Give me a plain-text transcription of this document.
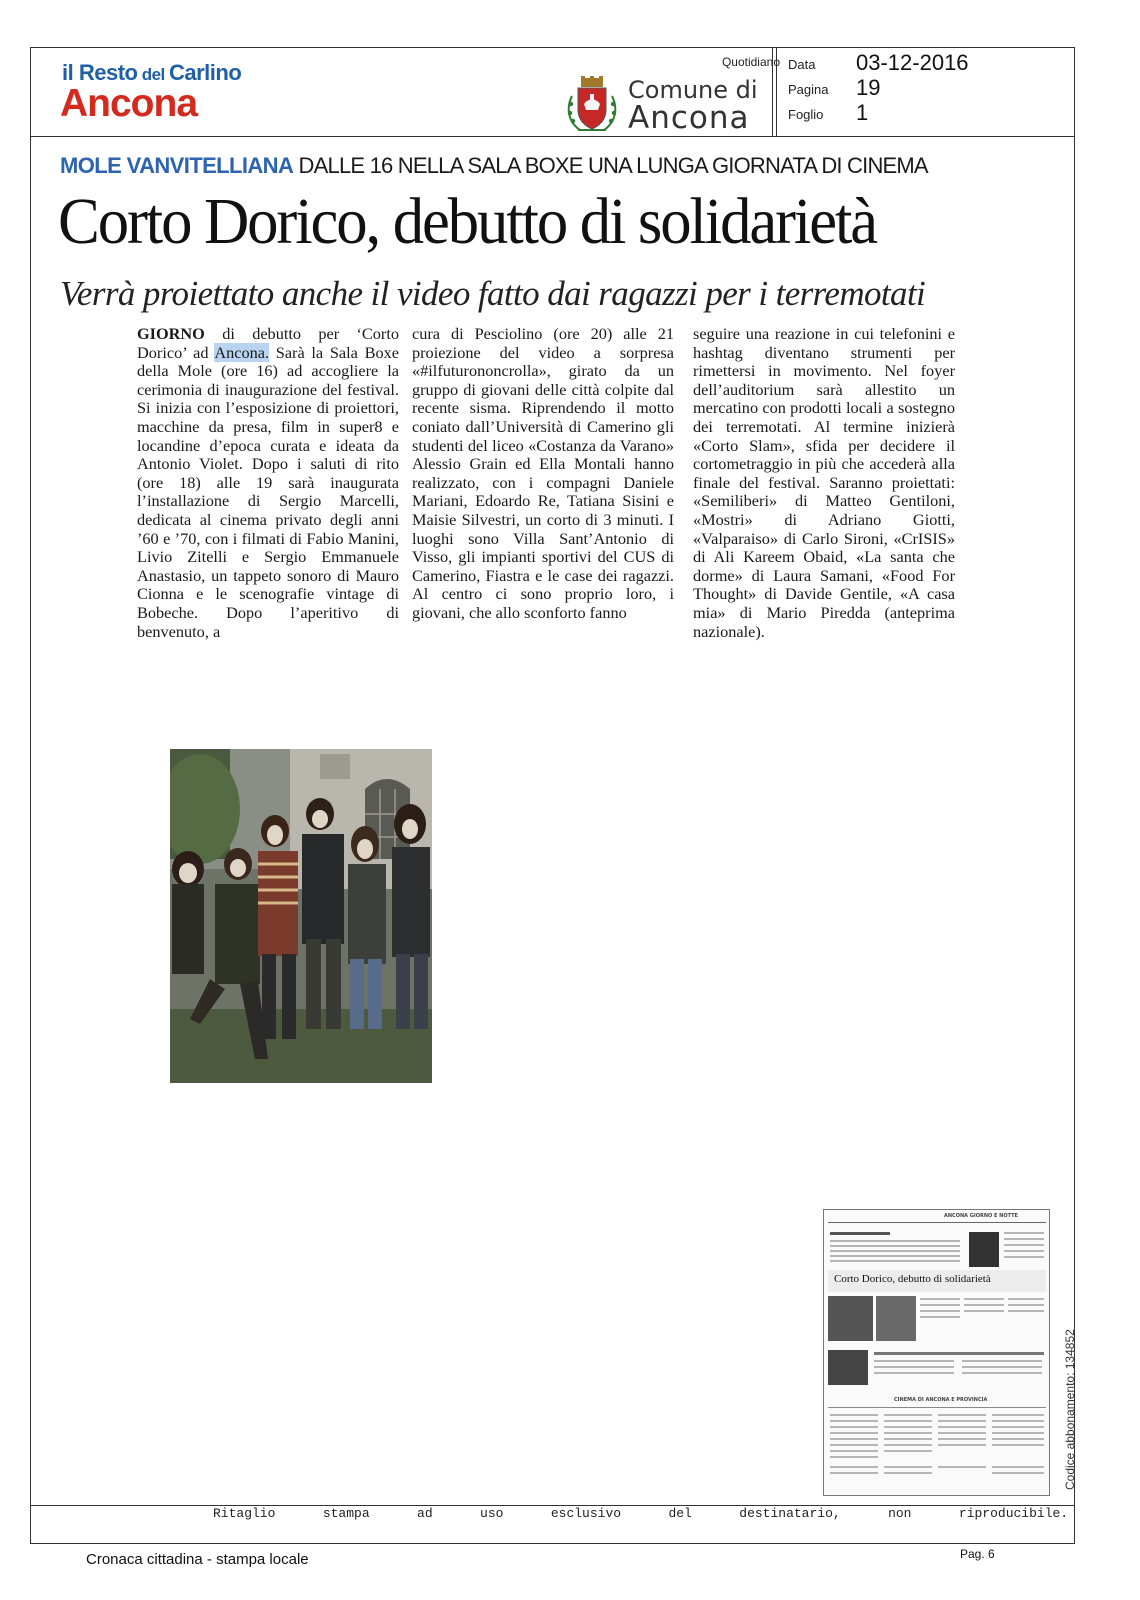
il Resto del Carlino
Ancona
Quotidiano
Comune di
Ancona
Data 03-12-2016
Pagina 19
Foglio 1
MOLE VANVITELLIANA DALLE 16 NELLA SALA BOXE UNA LUNGA GIORNATA DI CINEMA
Corto Dorico, debutto di solidarietà
Verrà proiettato anche il video fatto dai ragazzi per i terremotati
GIORNO di debutto per ‘Corto Dorico’ ad Ancona. Sarà la Sala Boxe della Mole (ore 16) ad accogliere la cerimonia di inaugurazione del festival. Si inizia con l’esposizione di proiettori, macchine da presa, film in super8 e locandine d’epoca curata e ideata da Antonio Violet. Dopo i saluti di rito (ore 18) alle 19 sarà inaugurata l’installazione di Sergio Marcelli, dedicata al cinema privato degli anni ’60 e ’70, con i filmati di Fabio Manini, Livio Zitelli e Sergio Emmanuele Anastasio, un tappeto sonoro di Mauro Cionna e le scenografie vintage di Bobeche. Dopo l’aperitivo di benvenuto, a
cura di Pesciolino (ore 20) alle 21 proiezione del video a sorpresa «#ilfuturononcrolla», girato da un gruppo di giovani delle città colpite dal recente sisma. Riprendendo il motto coniato dall’Università di Camerino gli studenti del liceo «Costanza da Varano» Alessio Grain ed Ella Montali hanno realizzato, con i compagni Daniele Mariani, Edoardo Re, Tatiana Sisini e Maisie Silvestri, un corto di 3 minuti. I luoghi sono Villa Sant’Antonio di Visso, gli impianti sportivi del CUS di Camerino, Fiastra e le case dei ragazzi. Al centro ci sono proprio loro, i giovani, che allo sconforto fanno
seguire una reazione in cui telefonini e hashtag diventano strumenti per rimettersi in movimento. Nel foyer dell’auditorium sarà allestito un mercatino con prodotti locali a sostegno dei terremotati. Al termine inizierà «Corto Slam», sfida per decidere il cortometraggio in più che accederà alla finale del festival. Saranno proiettati: «Semiliberi» di Matteo Gentiloni, «Mostri» di Adriano Giotti, «Valparaiso» di Carlo Sironi, «CrISIS» di Ali Kareem Obaid, «La santa che dorme» di Laura Samani, «Food For Thought» di Davide Gentile, «A casa mia» di Mario Piredda (anteprima nazionale).
ANCONA GIORNO E NOTTE
Corto Dorico, debutto di solidarietà
CINEMA DI ANCONA E PROVINCIA	Codice abbonamento: 134852
Ritaglio   stampa   ad   uso   esclusivo   del   destinatario,   non   riproducibile.
Cronaca cittadina - stampa locale	Pag. 6
